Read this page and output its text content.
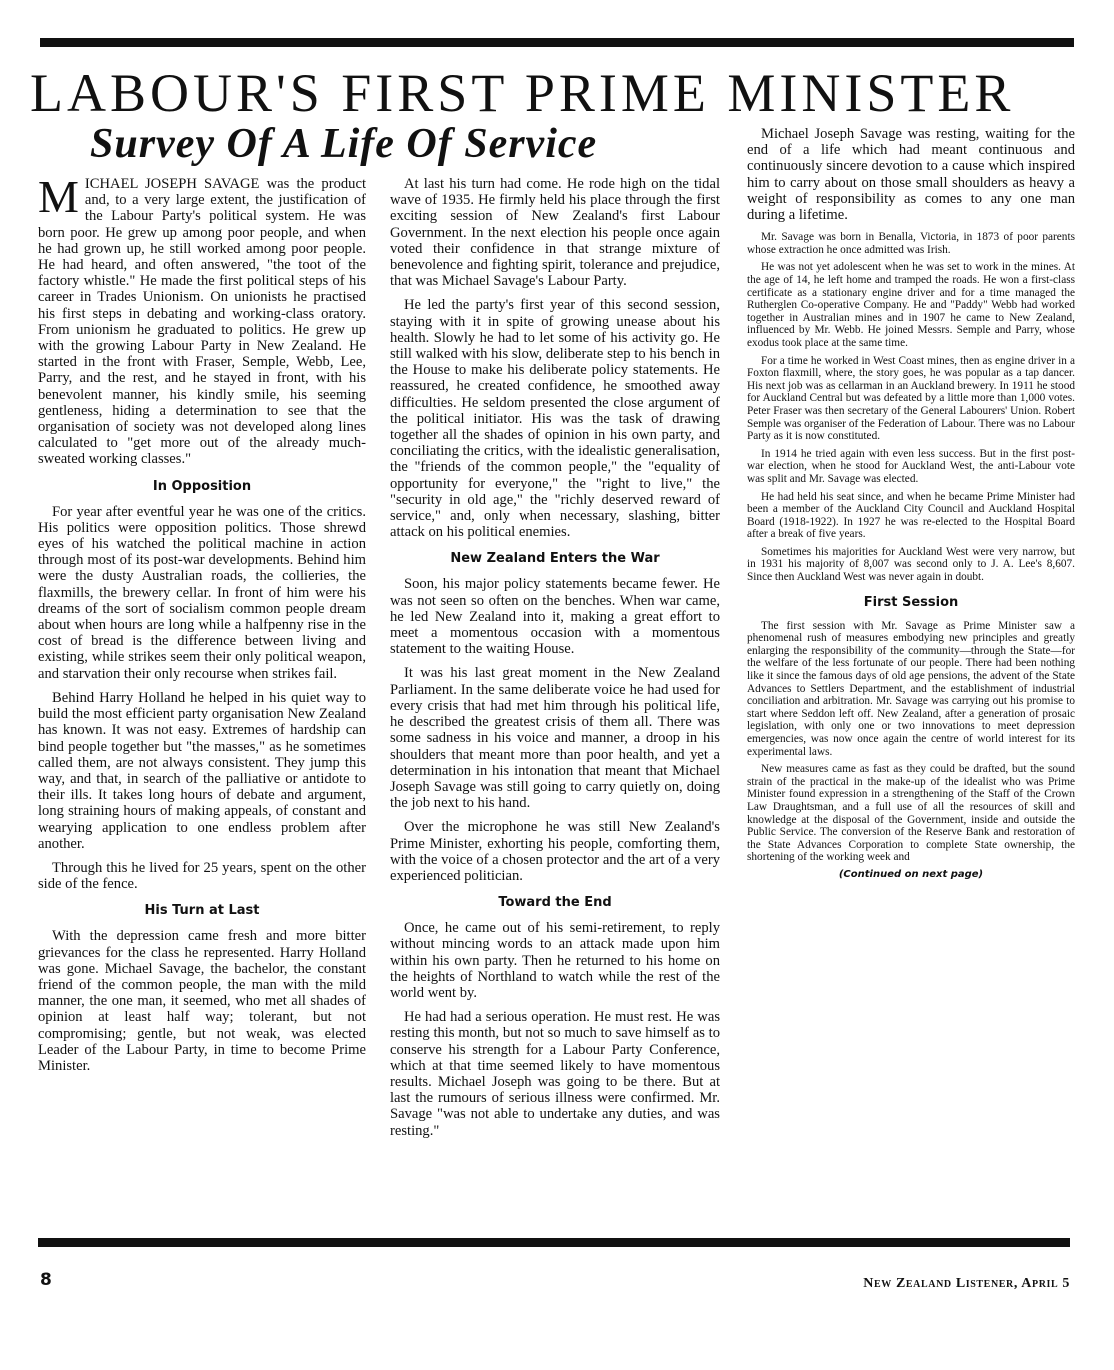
LABOUR'S FIRST PRIME MINISTER
Survey Of A Life Of Service

MICHAEL JOSEPH SAVAGE was the product and, to a very large extent, the justification of the Labour Party's political system. He was born poor. He grew up among poor people, and when he had grown up, he still worked among poor people. He had heard, and often answered, "the toot of the factory whistle." He made the first political steps of his career in Trades Unionism. On unionists he practised his first steps in debating and working-class oratory. From unionism he graduated to politics. He grew up with the growing Labour Party in New Zealand. He started in the front with Fraser, Semple, Webb, Lee, Parry, and the rest, and he stayed in front, with his benevolent manner, his kindly smile, his seeming gentleness, hiding a determination to see that the organisation of society was not developed along lines calculated to "get more out of the already much-sweated working classes."

In Opposition

For year after eventful year he was one of the critics. His politics were opposition politics. Those shrewd eyes of his watched the political machine in action through most of its post-war developments. Behind him were the dusty Australian roads, the collieries, the flaxmills, the brewery cellar. In front of him were his dreams of the sort of socialism common people dream about when hours are long while a halfpenny rise in the cost of bread is the difference between living and existing, while strikes seem their only political weapon, and starvation their only recourse when strikes fail.

Behind Harry Holland he helped in his quiet way to build the most efficient party organisation New Zealand has known. It was not easy. Extremes of hardship can bind people together but "the masses," as he sometimes called them, are not always consistent. They jump this way, and that, in search of the palliative or antidote to their ills. It takes long hours of debate and argument, long straining hours of making appeals, of constant and wearying application to one endless problem after another.

Through this he lived for 25 years, spent on the other side of the fence.

His Turn at Last

With the depression came fresh and more bitter grievances for the class he represented. Harry Holland was gone. Michael Savage, the bachelor, the constant friend of the common people, the man with the mild manner, the one man, it seemed, who met all shades of opinion at least half way; tolerant, but not compromising; gentle, but not weak, was elected Leader of the Labour Party, in time to become Prime Minister.

At last his turn had come. He rode high on the tidal wave of 1935. He firmly held his place through the first exciting session of New Zealand's first Labour Government. In the next election his people once again voted their confidence in that strange mixture of benevolence and fighting spirit, tolerance and prejudice, that was Michael Savage's Labour Party.

He led the party's first year of this second session, staying with it in spite of growing unease about his health. Slowly he had to let some of his activity go. He still walked with his slow, deliberate step to his bench in the House to make his deliberate policy statements. He reassured, he created confidence, he smoothed away difficulties. He seldom presented the close argument of the political initiator. His was the task of drawing together all the shades of opinion in his own party, and conciliating the critics, with the idealistic generalisation, the "friends of the common people," the "equality of opportunity for everyone," the "right to live," the "security in old age," the "richly deserved reward of service," and, only when necessary, slashing, bitter attack on his political enemies.

New Zealand Enters the War

Soon, his major policy statements became fewer. He was not seen so often on the benches. When war came, he led New Zealand into it, making a great effort to meet a momentous occasion with a momentous statement to the waiting House.

It was his last great moment in the New Zealand Parliament. In the same deliberate voice he had used for every crisis that had met him through his political life, he described the greatest crisis of them all. There was some sadness in his voice and manner, a droop in his shoulders that meant more than poor health, and yet a determination in his intonation that meant that Michael Joseph Savage was still going to carry quietly on, doing the job next to his hand.

Over the microphone he was still New Zealand's Prime Minister, exhorting his people, comforting them, with the voice of a chosen protector and the art of a very experienced politician.

Toward the End

Once, he came out of his semi-retirement, to reply without mincing words to an attack made upon him within his own party. Then he returned to his home on the heights of Northland to watch while the rest of the world went by.

He had had a serious operation. He must rest. He was resting this month, but not so much to save himself as to conserve his strength for a Labour Party Conference, which at that time seemed likely to have momentous results. Michael Joseph was going to be there. But at last the rumours of serious illness were confirmed. Mr. Savage "was not able to undertake any duties, and was resting."

Michael Joseph Savage was resting, waiting for the end of a life which had meant continuous and continuously sincere devotion to a cause which inspired him to carry about on those small shoulders as heavy a weight of responsibility as comes to any one man during a lifetime.

Mr. Savage was born in Benalla, Victoria, in 1873 of poor parents whose extraction he once admitted was Irish.

He was not yet adolescent when he was set to work in the mines. At the age of 14, he left home and tramped the roads. He won a first-class certificate as a stationary engine driver and for a time managed the Rutherglen Co-operative Company. He and "Paddy" Webb had worked together in Australian mines and in 1907 he came to New Zealand, influenced by Mr. Webb. He joined Messrs. Semple and Parry, whose exodus took place at the same time.

For a time he worked in West Coast mines, then as engine driver in a Foxton flaxmill, where, the story goes, he was popular as a tap dancer. His next job was as cellarman in an Auckland brewery. In 1911 he stood for Auckland Central but was defeated by a little more than 1,000 votes. Peter Fraser was then secretary of the General Labourers' Union. Robert Semple was organiser of the Federation of Labour. There was no Labour Party as it is now constituted.

In 1914 he tried again with even less success. But in the first post-war election, when he stood for Auckland West, the anti-Labour vote was split and Mr. Savage was elected.

He had held his seat since, and when he became Prime Minister had been a member of the Auckland City Council and Auckland Hospital Board (1918-1922). In 1927 he was re-elected to the Hospital Board after a break of five years.

Sometimes his majorities for Auckland West were very narrow, but in 1931 his majority of 8,007 was second only to J. A. Lee's 8,607. Since then Auckland West was never again in doubt.

First Session

The first session with Mr. Savage as Prime Minister saw a phenomenal rush of measures embodying new principles and greatly enlarging the responsibility of the community—through the State—for the welfare of the less fortunate of our people. There had been nothing like it since the famous days of old age pensions, the advent of the State Advances to Settlers Department, and the establishment of industrial conciliation and arbitration. Mr. Savage was carrying out his promise to start where Seddon left off. New Zealand, after a generation of prosaic legislation, with only one or two innovations to meet depression emergencies, was now once again the centre of world interest for its experimental laws.

New measures came as fast as they could be drafted, but the sound strain of the practical in the make-up of the idealist who was Prime Minister found expression in a strengthening of the Staff of the Crown Law Draughtsman, and a full use of all the resources of skill and knowledge at the disposal of the Government, inside and outside the Public Service. The conversion of the Reserve Bank and restoration of the State Advances Corporation to complete State ownership, the shortening of the working week and

(Continued on next page)
8	New Zealand Listener, April 5
